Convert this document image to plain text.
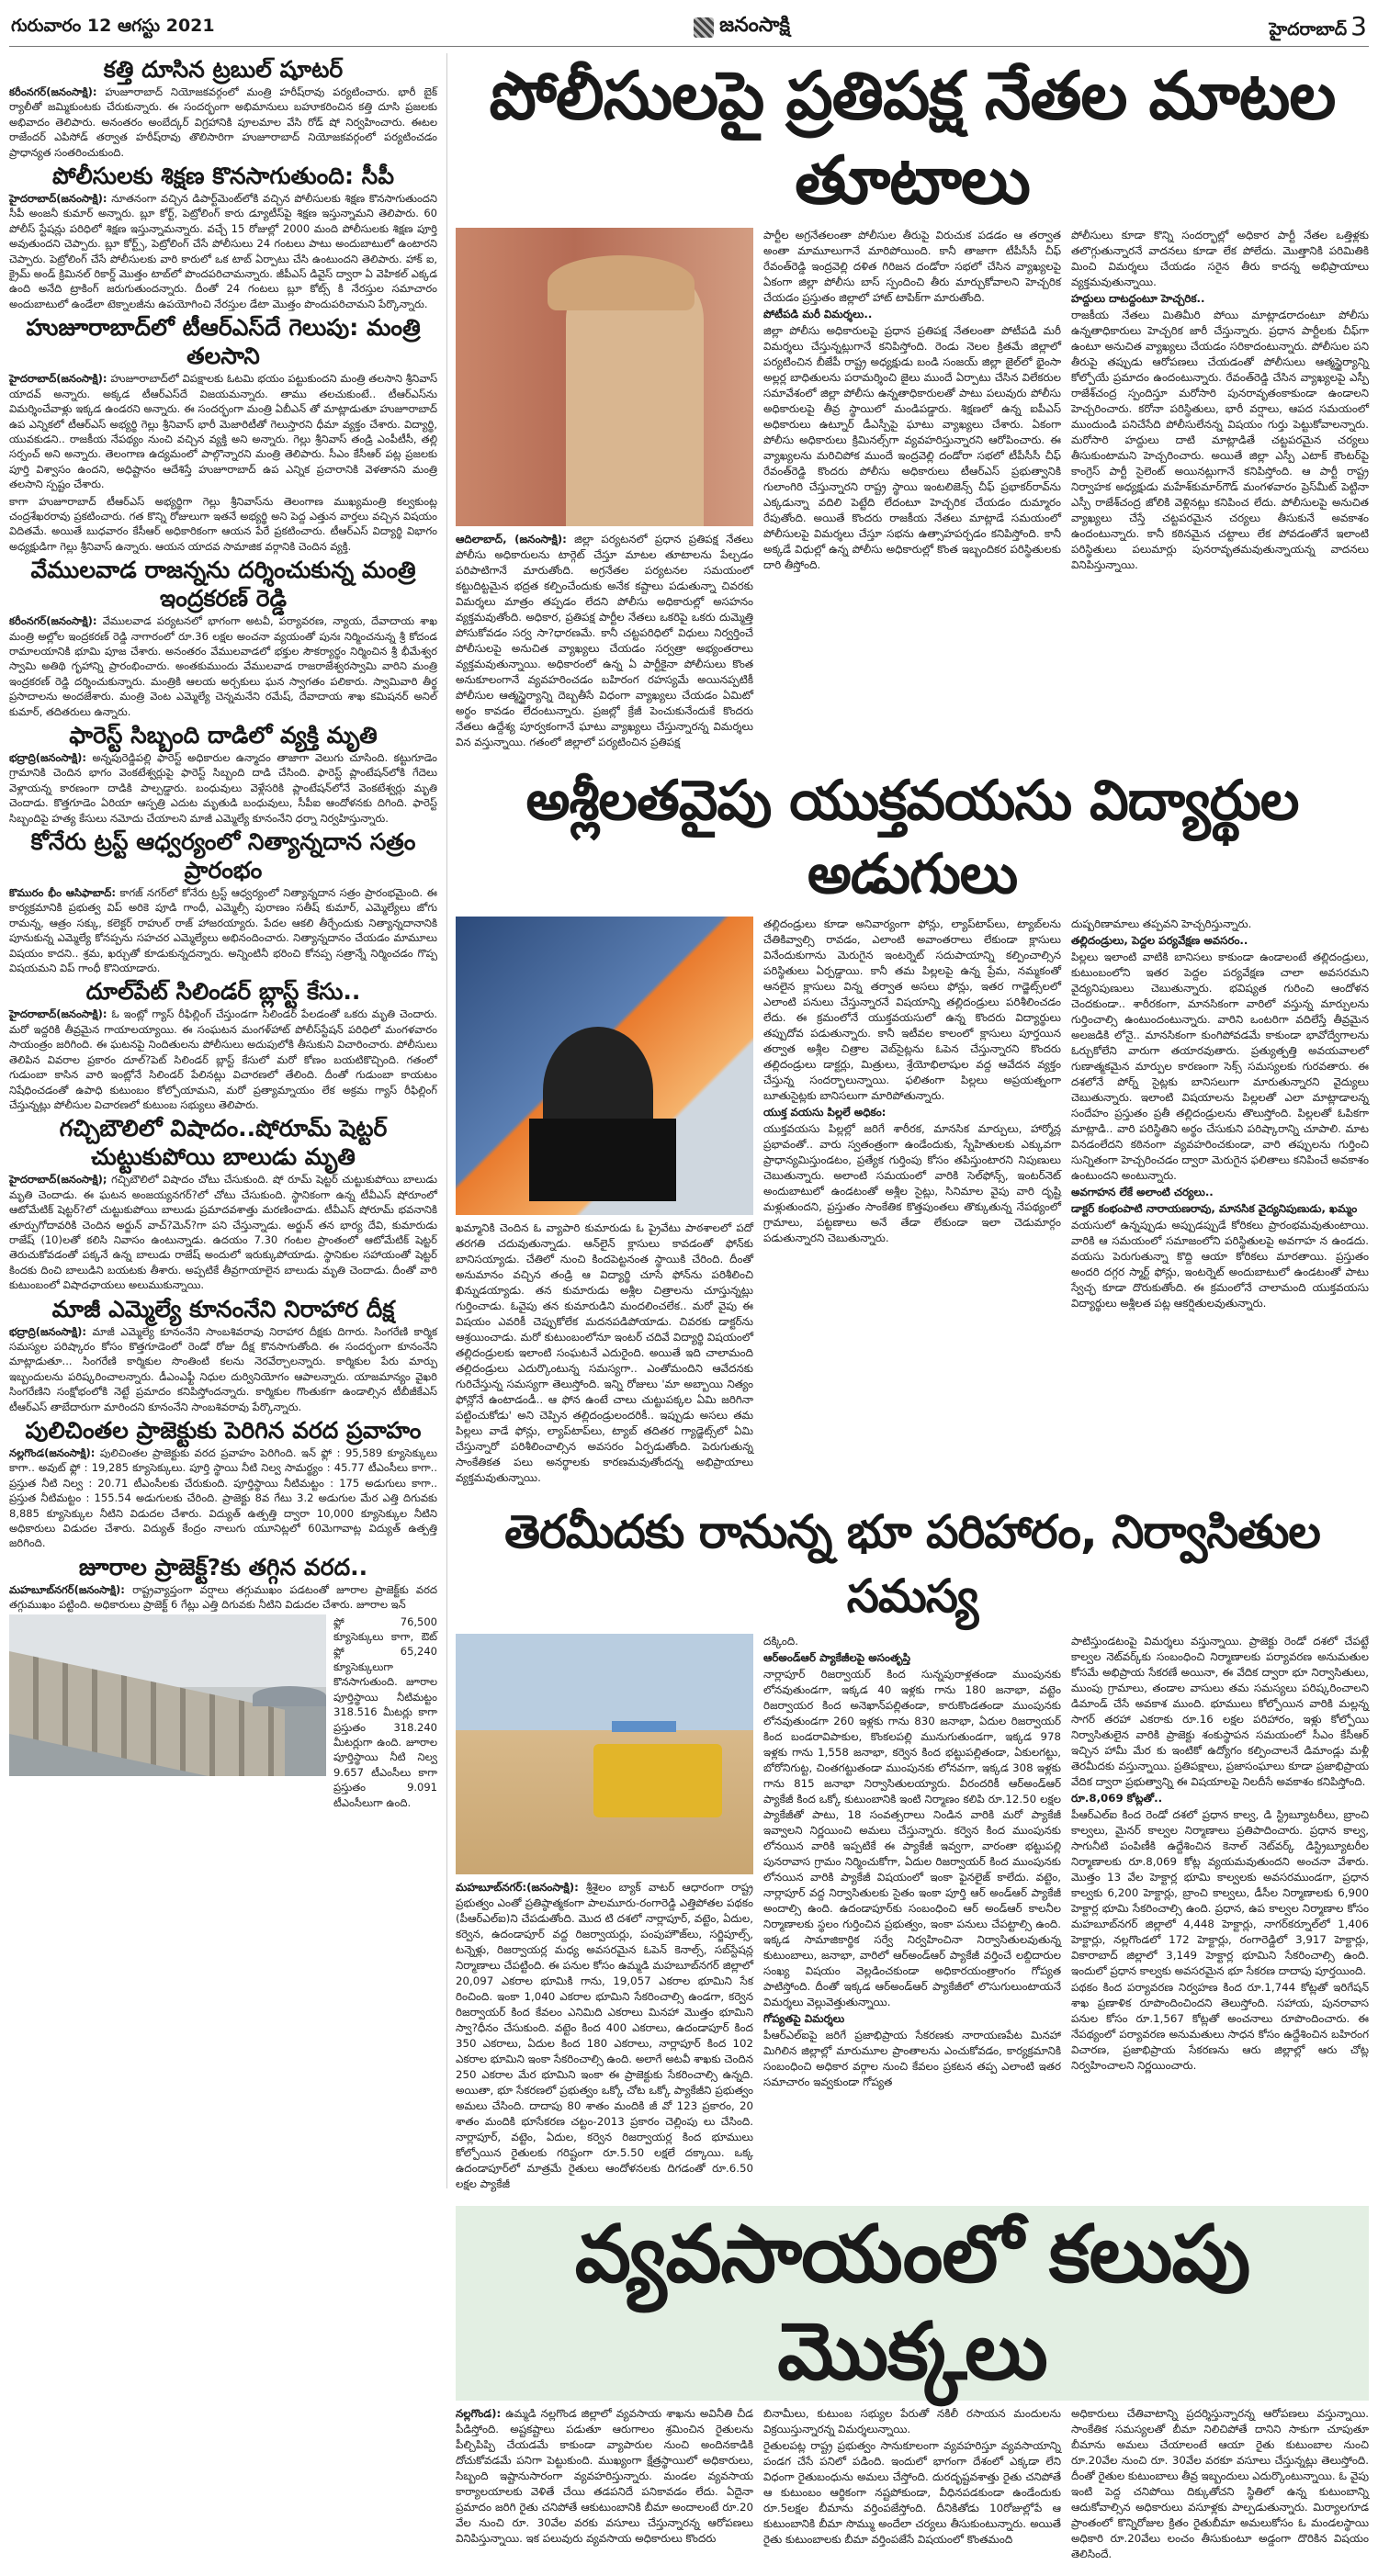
గురువారం 12 ఆగస్టు 2021	జనంసాక్షి	హైదరాబాద్ 3
కత్తి దూసిన ట్రబుల్ షూటర్

కరీంనగర్(జనంసాక్షి): హుజూరాబాద్ నియోజకవర్గంలో మంత్రి హరీష్‌రావు పర్యటించారు. భారీ బైక్ ర్యాలీతో జమ్మికుంటకు చేరుకున్నారు. ఈ సందర్భంగా అభిమానులు బహూకరించిన కత్తి దూసి ప్రజలకు అభివాదం తెలిపారు. అనంతరం అంబేద్కర్ విగ్రహానికి పూలమాల వేసి రోడ్ షో నిర్వహించారు. ఈటల రాజేందర్ ఎపిసోడ్ తర్వాత హరీష్‌రావు తొలిసారిగా హుజూరాబాద్ నియోజకవర్గంలో పర్యటించడం ప్రాధాన్యత సంతరించుకుంది.

పోలీసులకు శిక్షణ కొనసాగుతుంది: సీపీ

హైదరాబాద్(జనంసాక్షి): నూతనంగా వచ్చిన డిపార్ట్‌మెంట్‌లోకి వచ్చిన పోలీసులకు శిక్షణ కొనసాగుతుందని సీపీ అంజనీ కుమార్ అన్నారు. బ్లూ కోర్ట్, పెట్రోలింగ్ కారు డ్యూటీస్‌పై శిక్షణ ఇస్తున్నామని తెలిపారు. 60 పోలీస్ స్టేషన్లు పరిధిలో శిక్షణ ఇస్తున్నామన్నారు. వచ్చే 15 రోజుల్లో 2000 మంది పోలీసులకు శిక్షణ పూర్తి అవుతుందని చెప్పారు. బ్లూ కోర్ట్స్, పెట్రోలింగ్ చేసే పోలీసులు 24 గంటలు పాటు అందుబాటులో ఉంటారని చెప్పారు. పెట్రోలింగ్ చేసే పోలీసులకు వారి కారులో ఒక టాబ్ ఏర్పాటు చేసి ఉంటుందని తెలిపారు. హాక్ ఐ, క్రైమ్ అండ్ క్రిమినల్ రికార్డ్ మొత్తం టాబ్‌లో పొందపరిచామన్నారు. జీపీఎస్ డివైస్ ద్వారా ఏ వెహికల్ ఎక్కడ ఉంది అనేది ట్రాకింగ్ జరుగుతుందన్నారు. దీంతో 24 గంటలు బ్లూ కోట్స్ కి నేరస్తుల సమాచారం అందుబాటులో ఉండేలా టెక్నాలజీను ఉపయోగించి నేరస్తుల డేటా మొత్తం పొందుపరిచామని పేర్కొన్నారు.

హుజూరాబాద్‌లో టీఆర్ఎస్‌దే గెలుపు: మంత్రి తలసాని

హైదరాబాద్(జనంసాక్షి): హుజూరాబాద్‌లో విపక్షాలకు ఓటమి భయం పట్టుకుందని మంత్రి తలసాని శ్రీనివాస్ యాదవ్ అన్నారు. అక్కడ టీఆర్ఎస్‌దే విజయమన్నారు. తాము తలచుకుంటే.. టీఆర్ఎస్‌ను విమర్శించేవాళ్లు ఇక్కడ ఉండరని అన్నారు. ఈ సందర్భంగా మంత్రి ఏబీఎన్ తో మాట్లాడుతూ హుజూరాబాద్ ఉప ఎన్నికలో టీఆర్ఎస్ అభ్యర్థి గెల్లు శ్రీనివాస్ భారీ మెజారిటీతో గెలుస్తారని ధీమా వ్యక్తం చేశారు. విద్యార్థి, యువకుడని.. రాజకీయ నేపథ్యం నుంచి వచ్చిన వ్యక్తి అని అన్నారు. గెల్లు శ్రీనివాస్ తండ్రి ఎంపీటీసీ, తల్లి సర్పంచ్ అని అన్నారు. తెలంగాణ ఉద్యమంలో పాల్గొన్నారని మంత్రి తెలిపారు. సీఎం కేసీఆర్ పట్ల ప్రజలకు పూర్తి విశ్వాసం ఉందని, అధిష్టానం ఆదేశిస్తే హుజూరాబాద్ ఉప ఎన్నిక ప్రచారానికి వెళతానని మంత్రి తలసాని స్పష్టం చేశారు.

కాగా హుజూరాబాద్ టీఆర్ఎస్ అభ్యర్థిగా గెల్లు శ్రీనివాస్‌ను తెలంగాణ ముఖ్యమంత్రి కల్వకుంట్ల చంద్రశేఖరరావు ప్రకటించారు. గత కొన్ని రోజులుగా ఇతనే అభ్యర్థి అని పెద్ద ఎత్తున వార్తలు వచ్చిన విషయం విదితమే. అయితే బుధవారం కేసీఆర్ అధికారికంగా ఆయన పేరే ప్రకటించారు. టీఆర్ఎస్ విద్యార్థి విభాగం అధ్యక్షుడిగా గెల్లు శ్రీనివాస్ ఉన్నారు. ఆయన యాదవ సామాజిక వర్గానికి చెందిన వ్యక్తి.

వేములవాడ రాజన్నను దర్శించుకున్న మంత్రి ఇంద్రకరణ్ రెడ్డి

కరీంనగర్(జనంసాక్షి): వేములవాడ పర్యటనలో భాగంగా అటవీ, పర్యావరణ, న్యాయ, దేవాదాయ శాఖ మంత్రి అల్లోల ఇంద్రకరణ్ రెడ్డి నాగారంలో రూ.36 లక్షల అంచనా వ్యయంతో పునః నిర్మించనున్న శ్రీ కోదండ రామాలయానికి భూమి పూజ చేశారు. అనంతరం వేములవాడలో భక్తుల సౌకర్యార్థం నిర్మించిన శ్రీ భీమేశ్వర స్వామి అతిథి గృహాన్ని ప్రారంభించారు. అంతకుముందు వేములవాడ రాజరాజేశ్వరస్వామి వారిని మంత్రి ఇంద్రకరణ్ రెడ్డి దర్శించుకున్నారు. మంత్రికి ఆలయ అర్చకులు ఘన స్వాగతం పలికారు. స్వామివారి తీర్థ ప్రసాదాలను అందజేశారు. మంత్రి వెంట ఎమ్మెల్యే చెన్నమనేని రమేష్, దేవాదాయ శాఖ కమిషనర్ అనిల్ కుమార్, తదితరులు ఉన్నారు.

ఫారెస్ట్ సిబ్బంది దాడిలో వ్యక్తి మృతి

భద్రాద్రి(జనంసాక్షి): అన్నపురెడ్డిపల్లి ఫారెస్ట్ అధికారుల ఉన్మాదం తాజాగా వెలుగు చూసింది. కట్టుగూడెం గ్రామానికి చెందిన భాగం వెంకటేశ్వర్లుపై ఫారెస్ట్ సిబ్బంది దాడి చేసింది. ఫారెస్ట్ ప్లాంటేషన్‌లోకి గేదెలు వెళ్లాయన్న కారణంగా దాడికి పాల్పడ్డారు. బంధువులు వెళ్లేసరికి ప్లాంటేషన్‌లోనే వెంకటేశ్వర్లు మృతి చెందాడు. కొత్తగూడెం ఏరియా ఆస్పత్రి ఎదుట మృతుడి బంధువులు, సీపీఐ ఆందోళనకు దిగింది. ఫారెస్ట్ సిబ్బందిపై హత్య కేసులు నమోదు చేయాలని మాజీ ఎమ్మెల్యే కూనంనేని ధర్నా నిర్వహిస్తున్నారు.

కోనేరు ట్రస్ట్ ఆధ్వర్యంలో నిత్యాన్నదాన సత్రం ప్రారంభం

కొమురం భీం ఆసిఫాబాద్: కాగజ్ నగర్‌లో కోనేరు ట్రస్ట్ ఆధ్వర్యంలో నిత్యాన్నదాన సత్రం ప్రారంభమైంది. ఈ కార్యక్రమానికి ప్రభుత్వ విప్ అరికె పూడి గాంధీ, ఎమ్మెల్సీ పురాణం సతీష్ కుమార్, ఎమ్మెల్యేలు జోగు రామన్న, ఆత్రం సక్కు, కలెక్టర్ రాహుల్ రాజ్ హాజరయ్యారు. పేదల ఆకలి తీర్చేందుకు నిత్యాన్నదానానికి పూనుకున్న ఎమ్మెల్యే కోనప్పను సహచర ఎమ్మెల్యేలు అభినందించారు. నిత్యాన్నదానం చేయడం మామూలు విషయం కాదని.. శ్రమ, ఖర్చుతో కూడుకున్నదన్నారు. అన్నింటినీ భరించి కోనప్ప సత్రాన్నే నిర్మించడం గొప్ప విషయమని విప్ గాంధీ కొనియాడారు.

దూల్‌పేట్ సిలిండర్ బ్లాస్ట్ కేసు..

హైదరాబాద్(జనంసాక్షి): ఓ ఇంట్లో గ్యాస్ రీఫిల్లింగ్ చేస్తుండగా సిలిండర్ పేలడంతో ఒకరు మృతి చెందారు. మరో ఇద్దరికి తీవ్రమైన గాయాలయ్యాయి. ఈ సంఘటన మంగళ్‌హాట్ పోలీస్‌స్టేషన్ పరిధిలో మంగళవారం సాయంత్రం జరిగింది. ఈ ఘటనపై నిందితులను పోలీసులు అదుపులోకి తీసుకుని విచారించారు. పోలీసులు తెలిపిన వివరాల ప్రకారం దూల్?పెట్ సిలిండర్ బ్లాస్ట్ కేసులో మరో కోణం బయటికొచ్చింది. గతంలో గుడుంబా కాసిన వారి ఇంట్లోనే సిలిండర్ పేలినట్లు విచారణలో తేలింది. దీంతో గుడుంబా కాయటం నిషేధించడంతో ఉపాధి కుటుంబం కోల్పోయామని, మరో ప్రత్యామ్నాయం లేక అక్రమ గ్యాస్ రీఫిల్లింగ్ చేస్తున్నట్లు పోలీసుల విచారణలో కుటుంబ సభ్యులు తెలిపారు.

గచ్చిబౌలిలో విషాదం..షోరూమ్ షెట్టర్ చుట్టుకుపోయి బాలుడు మృతి

హైదరాబాద్(జనంసాక్షి); గచ్చిబౌలిలో విషాదం చోటు చేసుకుంది. షో రూమ్ షెట్టర్ చుట్టుకుపోయి బాలుడు మృతి చెందాడు. ఈ ఘటన అంజయ్యనగర్?లో చోటు చేసుకుంది. స్థానికంగా ఉన్న టీవీఎస్ షోరూంలో ఆటోమేటిక్ షెట్టర్?లో చుట్టుకుపోయి బాలుడు ప్రమాదవశాత్తు మరణించాడు. టీవీఎస్ షోరూమ్ భవనానికి తూర్పుగోదావరికి చెందిన అర్జున్ వాచ్?మెన్?గా పని చేస్తున్నాడు. అర్జున్ తన భార్య దేవి, కుమారుడు రాజేష్ (10)లతో కలిసి నివాసం ఉంటున్నాడు. ఉదయం 7.30 గంటల ప్రాంతంలో ఆటోమేటిక్ షెట్టర్ తెరుచుకోవడంతో పక్కనే ఉన్న బాలుడు రాజేష్ అందులో ఇరుక్కుపోయాడు. స్థానికుల సహాయంతో షెట్టర్ కిందకు దించి బాలుడిని బయటకు తీశారు. అప్పటికే తీవ్రగాయాలైన బాలుడు మృతి చెందాడు. దీంతో వారి కుటుంబంలో విషాదఛాయలు అలుముకున్నాయి.

మాజీ ఎమ్మెల్యే కూనంనేని నిరాహార దీక్ష

భద్రాద్రి(జనంసాక్షి): మాజీ ఎమ్మెల్యే కూనంనేని సాంబశివరావు నిరాహార దీక్షకు దిగారు. సింగరేణి కార్మిక సమస్యల పరిష్కారం కోసం కొత్తగూడెంలో రెండో రోజు దీక్ష కొనసాగుతోంది. ఈ సందర్భంగా కూనంనేని మాట్లాడుతూ... సింగరేణి కార్మికుల సొంతింటి కలను నెరవేర్చాలన్నారు. కార్మికుల పేరు మార్పు ఇబ్బందులను పరిష్కరించాలన్నారు. డీఎంఎఫ్టీ నిధుల దుర్వినియోగం ఆపాలన్నారు. యాజమాన్యం వైఖరి సింగరేణిని సంక్షోభంలోకి నెట్టే ప్రమాదం కనిపిస్తోందన్నారు. కార్మికుల గొంతుకగా ఉండాల్సిన టీబీజీకేఎస్ టీఆర్ఎస్ తాబేదారుగా మారిందని కూనంనేని సాంబశివరావు పేర్కొన్నారు.

పులిచింతల ప్రాజెక్టుకు పెరిగిన వరద ప్రవాహం

నల్లగొండ(జనంసాక్షి): పులిచింతల ప్రాజెక్టుకు వరద ప్రవాహం పెరిగింది. ఇన్ ఫ్లో : 95,589 క్యూసెక్కులు కాగా.. అవుట్ ఫ్లో : 19,285 క్యూసెక్కులు. పూర్తి స్థాయి నీటి నిల్వ సామర్థ్యం : 45.77 టీఎంసీలు కాగా.. ప్రస్తుత నీటి నిల్వ : 20.71 టీఎంసీలకు చేరుకుంది. పూర్తిస్థాయి నీటిమట్టం : 175 అడుగులు కాగా.. ప్రస్తుత నీటిమట్టం : 155.54 అడుగులకు చేరింది. ప్రాజెక్టు 8వ గేటు 3.2 అడుగుల మేర ఎత్తి దిగువకు 8,885 క్యూసెక్కుల నీటిని విడుదల చేశారు. విద్యుత్ ఉత్పత్తి ద్వారా 10,000 క్యూసెక్కుల నీటిని అధికారులు విడుదల చేశారు. విద్యుత్ కేంద్రం నాలుగు యూనిట్లలో 60మెగావాట్ల విద్యుత్ ఉత్పత్తి జరిగింది.

జూరాల ప్రాజెక్ట్?కు తగ్గిన వరద..

మహబూబ్‌నగర్(జనంసాక్షి): రాష్ట్రవ్యాప్తంగా వర్షాలు తగ్గుముఖం పడటంతో జూరాల ప్రాజెక్ట్‌కు వరద తగ్గుముఖం పట్టింది. అధికారులు ప్రాజెక్ట్ 6 గేట్లు ఎత్తి దిగువకు నీటిని విడుదల చేశారు. జూరాల ఇన్

ఫ్లో 76,500 క్యూసెక్కులు కాగా, ఔట్ ఫ్లో 65,240 క్యూసెక్కులుగా కొనసాగుతుంది. జూరాల పూర్తిస్థాయి నీటిమట్టం 318.516 మీటర్లు కాగా ప్రస్తుతం 318.240 మీటర్లుగా ఉంది. జూరాల పూర్తిస్థాయి నీటి నిల్వ 9.657 టీఎంసీలు కాగా ప్రస్తుతం 9.091 టీఎంసీలుగా ఉంది.
పోలీసులపై ప్రతిపక్ష నేతల మాటల తూటాలు

ఆదిలాబాద్, (జనంసాక్షి): జిల్లా పర్యటనలో ప్రధాన ప్రతిపక్ష నేతలు పోలీసు అధికారులను టార్గెట్ చేస్తూ మాటల తూటాలను పేల్చడం పరిపాటిగానే మారుతోంది. అగ్రనేతల పర్యటనల సమయంలో కట్టుదిట్టమైన భద్రత కల్పించేందుకు అనేక కష్టాలు పడుతున్నా చివరకు విమర్శలు మాత్రం తప్పడం లేదని పోలీసు అధికారుల్లో అసహనం వ్యక్తమవుతోంది. అధికార, ప్రతిపక్ష పార్టీల నేతలు ఒకరిపై ఒకరు దుమ్మెత్తి పోసుకోవడం సర్వ సా?ధారణమే. కానీ చట్టపరిధిలో విధులు నిర్వర్తించే పోలీసులపై అనుచిత వ్యాఖ్యలు చేయడం సర్వత్రా అభ్యంతరాలు వ్యక్తమవుతున్నాయి. అధికారంలో ఉన్న ఏ పార్టీకైనా పోలీసులు కొంత అనుకూలంగానే వ్యవహరించడం బహిరంగ రహస్యమే అయినప్పటికీ పోలీసుల ఆత్మస్థైర్యాన్ని దెబ్బతీసే విధంగా వ్యాఖ్యలు చేయడం ఏమిటో అర్థం కావడం లేదంటున్నారు. ప్రజల్లో క్రేజీ పెంచుకునేందుకే కొందరు నేతలు ఉద్దేశ్య పూర్వకంగానే ఘాటు వ్యాఖ్యలు చేస్తున్నారన్న విమర్శలు విన వస్తున్నాయి. గతంలో జిల్లాలో పర్యటించిన ప్రతిపక్ష

పార్టీల అగ్రనేతలంతా పోలీసుల తీరుపై విరుచుక పడడం ఆ తర్వాత అంతా మామూలుగానే మారిపోయింది. కానీ తాజాగా టీపీసీసీ చీఫ్ రేవంత్‌రెడ్డి ఇంద్రవెల్లి దళిత గిరిజన దండోరా సభలో చేసిన వ్యాఖ్యలపై ఏకంగా జిల్లా పోలీసు బాస్ స్పందించి తీరు మార్చుకోవాలని హెచ్చరిక చేయడం ప్రస్తుతం జిల్లాలో హాట్ టాపిక్‌గా మారుతోంది.

పోటీపడి మరీ విమర్శలు..

జిల్లా పోలీసు అధికారులపై ప్రధాన ప్రతిపక్ష నేతలంతా పోటీపడి మరీ విమర్శలు చేస్తున్నట్లుగానే కనిపిస్తోంది. రెండు నెలల క్రితమే జిల్లాలో పర్యటించిన బీజేపీ రాష్ట్ర అధ్యక్షుడు బండి సంజయ్ జిల్లా జైల్‌లో భైంసా అల్లర్ల బాధితులను పరామర్శించి జైలు ముందే ఏర్పాటు చేసిన విలేకరుల సమావేశంలో జిల్లా పోలీసు ఉన్నతాధికారులతో పాటు పలువురు పోలీసు అధికారులపై తీవ్ర స్థాయిలో మండిపడ్డారు. శిక్షణలో ఉన్న ఐపీఎస్ అధికారులు ఉట్నూర్ డీఎస్పీపై ఘాటు వ్యాఖ్యలు చేశారు. ఏకంగా పోలీసు అధికారులు క్రిమినల్స్‌గా వ్యవహరిస్తున్నారని ఆరోపించారు. ఈ వ్యాఖ్యలను మరిచిపోక ముందే ఇంద్రవెల్లి దండోరా సభలో టీపీసీసీ చీఫ్ రేవంత్‌రెడ్డి కొందరు పోలీసు అధికారులు టీఆర్ఎస్ ప్రభుత్వానికి గులాంగిరి చేస్తున్నారని రాష్ట్ర స్థాయి ఇంటలిజెన్స్ చీఫ్ ప్రభాకర్‌రావ్‌ను ఎక్కడున్నా వదిలి పెట్టేది లేదంటూ హెచ్చరిక చేయడం దుమ్మారం రేపుతోంది. అయితే కొందరు రాజకీయ నేతలు మాట్లాడే సమయంలో పోలీసులపై విమర్శలు చేస్తూ సభను ఉత్సాహపర్చడం కనిపిస్తోంది. కానీ అక్కడే విధుల్లో ఉన్న పోలీసు అధికారుల్లో కొంత ఇబ్బందికర పరిస్థితులకు దారి తీస్తోంది.

పోలీసులు కూడా కొన్ని సందర్భాల్లో అధికార పార్టీ నేతల ఒత్తిళ్లకు తలొగ్గుతున్నారనే వాదనలు కూడా లేక పోలేదు. మొత్తానికి పరిమితికి మించి విమర్శలు చేయడం సరైన తీరు కాదన్న అభిప్రాయాలు వ్యక్తమవుతున్నాయి.

హద్దులు దాటద్దంటూ హెచ్చరిక..

రాజకీయ నేతలు మితిమీరి పోయి మాట్లాడరాదంటూ పోలీసు ఉన్నతాధికారులు హెచ్చరిక జారీ చేస్తున్నారు. ప్రధాన పార్టీలకు చీఫ్‌గా ఉంటూ అనుచిత వ్యాఖ్యలు చేయడం సరికాదంటున్నారు. పోలీసుల పని తీరుపై తప్పుడు ఆరోపణలు చేయడంతో పోలీసులు ఆత్మస్థైర్యాన్ని కోల్పోయే ప్రమాదం ఉందంటున్నారు. రేవంత్‌రెడ్డి చేసిన వ్యాఖ్యలపై ఎస్పీ రాజేశ్‌చంద్ర స్పందిస్తూ మరోసారి పునరావృతంకాకుండా ఉండాలని హెచ్చరించారు. కరోనా పరిస్థితులు, భారీ వర్షాలు, ఆపద సమయంలో ముందుండి పనిచేసేది పోలీసులేనన్న విషయం గుర్తు పెట్టుకోవాలన్నారు. మరోసారి హద్దులు దాటి మాట్లాడితే చట్టపరమైన చర్యలు తీసుకుంటామని హెచ్చరించారు. అయితే జిల్లా ఎస్పీ ఎటాక్ కౌంటర్‌పై కాంగ్రెస్ పార్టీ సైలెంట్ అయినట్లుగానే కనిపిస్తోంది. ఆ పార్టీ రాష్ట్ర నిర్వాహక అధ్యక్షుడు మహేశ్‌కుమార్‌గౌడ్ మంగళవారం ప్రెస్‌మీట్ పెట్టినా ఎస్పీ రాజేశ్‌చంద్ర జోలికి వెళ్లినట్లు కనిపించ లేదు. పోలీసులపై అనుచిత వ్యాఖ్యలు చేస్తే చట్టపరమైన చర్యలు తీసుకునే అవకాశం ఉందంటున్నారు. కానీ కఠినమైన చట్టాలు లేక పోవడంతోనే ఇలాంటి పరిస్థితులు పలుమార్లు పునరావృతమవుతున్నాయన్న వాదనలు వినిపిస్తున్నాయి.

అశ్లీలతవైపు యుక్తవయసు విద్యార్థుల అడుగులు

ఖమ్మానికి చెందిన ఓ వ్యాపారి కుమారుడు ఓ ప్రైవేటు పాఠశాలలో పదో తరగతి చదువుతున్నాడు. ఆన్‌లైన్ క్లాసులు కావడంతో ఫోన్‌కు బానిసయ్యాడు. చేతిలో నుంచి కిందపెట్టనంత స్థాయికి చేరింది. దీంతో అనుమానం వచ్చిన తండ్రి ఆ విద్యార్థి చూసే ఫోన్‌ను పరిశీలించి ఖిన్నుడయ్యాడు. తన కుమారుడు అశ్లీల చిత్రాలను చూస్తున్నట్లు గుర్తించాడు. ఓవైపు తన కుమారుడిని మందలించలేక.. మరో వైపు ఈ విషయం ఎవరికీ చెప్పుకోలేక మదనపడిపోయాడు. చివరకు డాక్టర్‌ను ఆశ్రయించాడు. మరో కుటుంబంలోనూ ఇంటర్ చదివే విద్యార్థి విషయంలో తల్లిదండ్రులకు ఇలాంటి సంఘటనే ఎదురైంది. అయితే ఇది చాలామంది తల్లిదండ్రులు ఎదుర్కొంటున్న సమస్యగా.. ఎంతోమందిని ఆవేదనకు గురిచేస్తున్న సమస్యగా తెలుస్తోంది. ఇన్ని రోజులు 'మా అబ్బాయి నిత్యం ఫోన్లోనే ఉంటాడండీ.. ఆ ఫోన ఉంటే చాలు చుట్టుపక్కల ఏమి జరిగినా పట్టించుకోడు' అని చెప్పిన తల్లిదండ్రులందరికీ.. ఇప్పుడు అసలు తమ పిల్లలు వాడే ఫోన్లు, ల్యాప్‌టాప్‌లు, ట్యాబ్ తదితర గ్యాడ్జెట్స్‌లో ఏమి చేస్తున్నారో పరిశీలించాల్సిన అవసరం ఏర్పడుతోంది. పెరుగుతున్న సాంకేతికత పలు అనర్థాలకు కారణమవుతోందన్న అభిప్రాయాలు వ్యక్తమవుతున్నాయి.

తల్లిదండ్రులు కూడా అనివార్యంగా ఫోన్లు, ల్యాప్‌టాప్‌లు, ట్యాబ్‌లను చేతికివ్వాల్సి రావడం, ఎలాంటి అవాంతరాలు లేకుండా క్లాసులు వినేందుకుగాను మెరుగైన ఇంటర్నెట్ సదుపాయాన్ని కల్పించాల్సిన పరిస్థితులు ఏర్పడ్డాయి. కానీ తమ పిల్లలపై ఉన్న ప్రేమ, నమ్మకంతో ఆనలైన క్లాసులు విన్న తర్వాత అసలు ఫోన్లు, ఇతర గాడ్జెట్స్‌లలో ఎలాంటి పనులు చేస్తున్నారనే విషయాన్ని తల్లిదండ్రులు పరిశీలించడం లేదు. ఈ క్రమంలోనే యుక్తవయసులో ఉన్న కొందరు విద్యార్థులు తప్పుదోవ పడుతున్నారు. కానీ ఇటీవల కాలంలో క్లాసులు పూర్తయిన తర్వాత అశ్లీల చిత్రాల వెబ్‌సైట్లను ఓపెన చేస్తున్నారని కొందరు తల్లిదండ్రులు డాక్టర్లు, మిత్రులు, శ్రేయోభిలాషుల వద్ద ఆవేదన వ్యక్తం చేస్తున్న సందర్భాలున్నాయి. ఫలితంగా పిల్లలు అప్రయత్నంగా బూతుసైట్లకు బానిసలుగా మారిపోతున్నారు.

యుక్త వయసు పిల్లలే అధికం:

యుక్తవయసు పిల్లల్లో జరిగే శారీరక, మానసిక మార్పులు, హార్మోన్ల ప్రభావంతో.. వారు స్వతంత్రంగా ఉండేందుకు, స్నేహితులకు ఎక్కువగా ప్రాధాన్యమిస్తుండటం, ప్రత్యేక గుర్తింపు కోసం తపిస్తుంటారని నిపుణులు చెబుతున్నారు. అలాంటి సమయంలో వారికి సెల్‌ఫోన్స్, ఇంటర్‌నెట్ అందుబాటులో ఉండటంతో అశ్లీల సైట్లు, సినిమాల వైపు వారి దృష్టి మళ్లుతుందని, ప్రస్తుతం సాంకేతిక కొత్తపుంతలు తొక్కుతున్న నేపథ్యంలో గ్రామాలు, పట్టణాలు అనే తేడా లేకుండా ఇలా చెడుమార్గం పడుతున్నారని చెబుతున్నారు.

దుష్పరిణామాలు తప్పవని హెచ్చరిస్తున్నారు.

తల్లిదండ్రులు, పెద్దల పర్యవేక్షణ అవసరం..

పిల్లలు ఇలాంటి వాటికి బానిసలు కాకుండా ఉండాలంటే తల్లిదండ్రులు, కుటుంబంలోని ఇతర పెద్దల పర్యవేక్షణ చాలా అవసరమని వైద్యనిపుణులు చెబుతున్నారు. భవిష్యత గురించి ఆందోళన చెందకుండా.. శారీరకంగా, మానసికంగా వారిలో వస్తున్న మార్పులను గుర్తించాల్సి ఉంటుందంటున్నారు. వారిని ఒంటరిగా వదిలేస్తే తీవ్రమైన అలజడికి లోనై.. మానసికంగా కుంగిపోవడమే కాకుండా భావోద్వేగాలను ఓర్చుకోలేని వారుగా తయారవుతారు. ప్రత్యుత్పత్తి అవయవాలలో గుణాత్మకమైన మార్పుల కారణంగా సెక్స్ సమస్యలకు గురవతారు. ఈ దశలోనే పోర్న్ సైట్లకు బానిసలుగా మారుతున్నారని వైద్యులు చెబుతున్నారు. ఇలాంటి విషయాలను పిల్లలతో ఎలా మాట్లాడాలన్న సందేహం ప్రస్తుతం ప్రతీ తల్లిదండ్రులను తొలుస్తోంది. పిల్లలతో ఓపికగా మాట్లాడి.. వారి పరిస్థితిని అర్థం చేసుకుని పరిష్కారాన్ని చూపాలి. మాట వినడంలేదని కఠినంగా వ్యవహరించకుండా, వారి తప్పులను గుర్తించి సున్నితంగా హెచ్చరించడం ద్వారా మెరుగైన ఫలితాలు కనిపించే అవకాశం ఉంటుందని అంటున్నారు.

అవగాహన లేకే అలాంటి చర్యలు..

డాక్టర్ కంభంపాటి నారాయణరావు, మానసిక వైద్యనిపుణుడు, ఖమ్మం

వయసులో ఉన్నప్పుడు అప్పుడప్పుడే కోరికలు ప్రారంభమవుతుంటాయి. వారికి ఆ సమయంలో సమాజంలోని పరిస్థితులపై అవగాహ న ఉండదు. వయసు పెరుగుతున్నా కొద్ది ఆయా కోరికలు మారతాయి. ప్రస్తుతం అందరి దగ్గర స్మార్ట్ ఫోన్లు, ఇంటర్నెట్ అందుబాటులో ఉండటంతో పాటు స్వేచ్ఛ కూడా దొరుకుతోంది. ఈ క్రమంలోనే చాలామంది యుక్తవయసు విద్యార్థులు అశ్లీలత పట్ల ఆకర్షితులవుతున్నారు.

తెరమీదకు రానున్న భూ పరిహారం, నిర్వాసితుల సమస్య

మహబూబ్‌నగర్:(జనంసాక్షి): శ్రీశైలం బ్యాక్ వాటర్ ఆధారంగా రాష్ట్ర ప్రభుత్వం ఎంతో ప్రతిష్ఠాత్మకంగా పాలమూరు-రంగారెడ్డి ఎత్తిపోతల పథకం (పీఆర్ఎల్ఐ)ని చేపడుతోంది. మొద టి దశలో నార్లాపూర్, వట్టెం, ఏదుల, కర్వెన, ఉదండాపూర్ వద్ద రిజర్వాయర్లు, పంపుహౌజ్‌లు, సర్జిపూల్స్, టన్నెళ్లు, రిజర్వాయర్ల మధ్య అవసరమైన ఓపెన్ కెనాల్స్, సబ్‌స్టేషన్ల నిర్మాణాలు చేపట్టింది. ఈ పనుల కోసం ఉమ్మడి మహబూబ్‌నగర్ జిల్లాలో 20,097 ఎకరాల భూమికి గాను, 19,057 ఎకరాల భూమిని సేక రించింది. ఇంకా 1,040 ఎకరాల భూమిని సేకరించాల్సి ఉండగా, కర్వెన రిజర్వాయర్ కింద కేవలం ఎనిమిది ఎకరాలు మినహా మొత్తం భూమిని స్వా?ధీనం చేసుకుంది. వట్టెం కింద 400 ఎకరాలు, ఉదండాపూర్ కింద 350 ఎకరాలు, ఏదుల కింద 180 ఎకరాలు, నార్లాపూర్ కింద 102 ఎకరాల భూమిని ఇంకా సేకరించాల్సి ఉంది. అలాగే అటవీ శాఖకు చెందిన 250 ఎకరాల మేర భూమిని ఇంకా ఈ ప్రాజెక్టుకు సేకరించాల్సి ఉన్నది. అయితా, భూ సేకరణలో ప్రభుత్వం ఒక్కో చోట ఒక్కో ప్యాకేజీని ప్రభుత్వం అమలు చేసింది. దాదాపు 80 శాతం మందికి జీ వో 123 ప్రకారం, 20 శాతం మందికి భూసేకరణ చట్టం-2013 ప్రకారం చెల్లింపు లు చేసింది. నార్లాపూర్, వట్టెం, ఏదుల, కర్వెన రిజర్వాయర్ల కింద భూములు కోల్పోయిన రైతులకు గరిష్టంగా రూ.5.50 లక్షలే దక్కాయి. ఒక్క ఉదండాపూర్‌లో మాత్రమే రైతులు ఆందోళనలకు దిగడంతో రూ.6.50 లక్షల ప్యాకేజీ

దక్కింది.

ఆర్అండ్ఆర్ ప్యాకేజీలపై అసంతృప్తి

నార్లాపూర్ రిజర్వాయర్ కింద సున్నపురాళ్లతండా ముంపునకు లోనవుతుండగా, ఇక్కడ 40 ఇళ్లకు గాను 180 జనాభా, వట్టెం రిజర్వాయర కింద అనెఖాన్‌పల్లితండా, కారుకొండతండా ముంపునకు లోనవుతుండగా 260 ఇళ్లకు గాను 830 జనాభా, ఏదుల రిజర్వాయర్ కింద బండరావిపాకుల, కొంకలపల్లి మునుగుతుండగా, ఇక్కడ 978 ఇళ్లకు గాను 1,558 జనాభా, కర్వెన కింద భట్టుపల్లితండా, ఏకులగట్టు, బోరోనిగుట్ట, చింతగట్టుతండా ముంపునకు లోనవగా, ఇక్కడ 308 ఇళ్లకు గాను 815 జనాభా నిర్వాసితులయ్యారు. వీరందరికీ ఆర్అండ్ఆర్ ప్యాకేజీ కింద ఒక్కో కుటుంబానికి ఇంటి నిర్మాణం కలిపి రూ.12.50 లక్షల ప్యాకేజీతో పాటు, 18 సంవత్సరాలు నిండిన వారికి మరో ప్యాకేజీ ఇవ్వాలని నిర్ణయించి అమలు చేస్తున్నారు. కర్వెన కింద ముంపునకు లోనయిన వారికి ఇప్పటికే ఈ ప్యాకేజీ ఇవ్వగా, వారంతా భట్టుపల్లి పునరావాస గ్రామం నిర్మించుకోగా, ఏదుల రిజర్వాయర్ కింద ముంపునకు లోనయిన వారికి ప్యాకేజీ విషయంలో ఇంకా ఫైనలైజ్ కాలేదు. వట్టెం, నార్లాపూర్ వద్ద నిర్వాసితులకు సైతం ఇంకా పూర్తి ఆర్ అండ్ఆర్ ప్యాకేజీ అందాల్సి ఉంది. ఉదండాపూర్‌కు సంబంధించి ఆర్ అండ్ఆర్ కాలనీల నిర్మాణాలకు స్థలం గుర్తించిన ప్రభుత్వం, ఇంకా పనులు చేపట్టాల్సి ఉంది. ఇక్కడ సామాజికార్థిక సర్వే నిర్వహించినా నిర్వాసితులవుతున్న కుటుంబాలు, జనాభా, వారిలో ఆర్అండ్ఆర్ ప్యాకేజీ వర్తించే లబ్దిదారుల సంఖ్య విషయం వెల్లడించకుండా అధికారయంత్రాంగం గోప్యత పాటిస్తోంది. దీంతో ఇక్కడ ఆర్అండ్ఆర్ ప్యాకేజీలో లొసుగులుంటాయనే విమర్శలు వెల్లువెత్తుతున్నాయి.

గోప్యతపై విమర్శలు

పీఆర్ఎల్ఐపై జరిగే ప్రజాభిప్రాయ సేకరణకు నారాయణపేట మినహా మిగిలిన జిల్లాల్లో మారుమూల ప్రాంతాలను ఎంచుకోవడం, కార్యక్రమానికి సంబంధించి అధికార వర్గాల నుంచి కేవలం ప్రకటన తప్ప ఎలాంటి ఇతర సమాచారం ఇవ్వకుండా గోప్యత

పాటిస్తుండటంపై విమర్శలు వస్తున్నాయి. ప్రాజెక్టు రెండో దశలో చేపట్టే కాల్వల నెట్‌వర్క్‌కు సంబంధించి నిర్మాణాలకు పర్యావరణ అనుమతుల కోసమే అభిప్రాయ సేకరణే అయినా, ఈ వేదిక ద్వారా భూ నిర్వాసితులు, ముంపు గ్రామాలు, తండాల వాసులు తమ సమస్యలు పరిష్కరించాలని డిమాండ్ చేసే అవకాశ ముంది. భూములు కోల్పోయిన వారికి మల్లన్న సాగర్ తరహా ఎకరాకు రూ.16 లక్షల పరిహారం, ఇళ్లు కోల్పోయి నిర్వాసితులైన వారికి ప్రాజెక్టు శంకుస్థాపన సమయంలో సీఎం కేసీఆర్ ఇచ్చిన హామీ మేర కు ఇంటికో ఉద్యోగం కల్పించాలనే డిమాండ్లు మళ్లీ తెరమీదకు వస్తున్నాయి. ప్రతిపక్షాలు, ప్రజాసంఘాలు కూడా ప్రజాభిప్రాయ వేదిక ద్వారా ప్రభుత్వాన్ని ఈ విషయాలపై నిలదీసే అవకాశం కనిపిస్తోంది.

రూ.8,069 కోట్లతో..

పీఆర్ఎల్ఐ కింద రెండో దశలో ప్రధాన కాల్వ, డి స్ట్రిబ్యూటరీలు, బ్రాంచి కాల్వలు, మైనర్ కాల్వల నిర్మాణాలు ప్రతిపాదించారు. ప్రధాన కాల్వ, సాగునీటి పంపిణీకి ఉద్దేశించిన కెనాల్ నెట్‌వర్క్ డిస్ట్రిబ్యూటరీల నిర్మాణాలకు రూ.8,069 కోట్ల వ్యయమవుతుందని అంచనా వేశారు. మొత్తం 13 వేల హెక్టార్ల భూమి కాల్వలకు అవసరముండగా, ప్రధాన కాల్వకు 6,200 హెక్టార్లు, బ్రాంచి కాల్వలు, డీసీల నిర్మాణాలకు 6,900 హెక్టార్ల భూమి సేకరించాల్సి ఉంది. ప్రధాన, ఉప కాల్వల నిర్మాణాల కోసం మహబూబ్‌నగర్ జిల్లాలో 4,448 హెక్టార్లు, నాగర్‌కర్నూల్‌లో 1,406 హెక్టార్లు, నల్లగొండలో 172 హెక్టార్లు, రంగారెడ్డిలో 3,917 హెక్టార్లు, వికారాబాద్ జిల్లాలో 3,149 హెక్టార్ల భూమిని సేకరించాల్సి ఉంది. ఇందులో ప్రధాన కాల్వకు అవసరమైన భూ సేకరణ దాదాపు పూర్తయింది.

పథకం కింద పర్యావరణ నిర్వహణ కింద రూ.1,744 కోట్లతో ఇరిగేషన్ శాఖ ప్రణాళిక రూపొందించిందని తెలుస్తోంది. సహాయ, పునరావాస పనుల కోసం రూ.1,567 కోట్లతో అంచనాలు రూపొందించారు. ఈ నేపథ్యంలో పర్యావరణ అనుమతులు సాధన కోసం ఉద్దేశించిన బహిరంగ విచారణ, ప్రజాభిప్రాయ సేకరణను ఆరు జిల్లాల్లో ఆరు చోట్ల నిర్వహించాలని నిర్ణయించారు.

వ్యవసాయంలో కలుపు మొక్కలు

నల్లగొండ): ఉమ్మడి నల్లగొండ జిల్లాలో వ్యవసాయ శాఖను అవినీతి చీడ పీడిస్తోంది. అష్టకష్టాలు పడుతూ ఆరుగాలం శ్రమించిన రైతులను పీల్చిపిప్పి చేయడమే కాకుండా వ్యాపారుల నుంచి అందినకాడికి దోచుకోవడమే పనిగా పెట్టుకుంది. ముఖ్యంగా క్షేత్రస్థాయిలో అధికారులు, సిబ్బంది ఇష్టానుసారంగా వ్యవహరిస్తున్నారు. మండల వ్యవసాయ కార్యాలయాలకు వెళితే చేయి తడపనిదే పనికావడం లేదు. ఏదైనా ప్రమాదం జరిగి రైతు చనిపోతే ఆకుటుంబానికి బీమా అందాలంటే రూ.20 వేల నుంచి రూ. 30వేల వరకు వసూలు చేస్తున్నారన్న ఆరోపణలు వినిపిస్తున్నాయి. ఇక పలువురు వ్యవసాయ అధికారులు కొందరు

బినామీలు, కుటుంబ సభ్యుల పేరుతో నకిలీ రసాయన మందులను విక్రయిస్తున్నారన్న విమర్శలున్నాయి.

రైతులపట్ల రాష్ట్ర ప్రభుత్వం సానుకూలంగా వ్యవహరిస్తూ వ్యవసాయాన్ని పండగ చేసే పనిలో పడింది. ఇందులో భాగంగా దేశంలో ఎక్కడా లేని విధంగా రైతుబంధును అమలు చేస్తోంది. దురదృష్టవశాత్తు రైతు చనిపోతే ఆ కుటుంబం ఆర్థికంగా నష్టపోకుండా, వీధినపడకుండా ఉండేందుకు రూ.5లక్షల బీమాను వర్తింపజేస్తోంది. దీనికితోడు 10రోజుల్లోపే ఆ కుటుంబానికి బీమా సొమ్ము అందేలా చర్యలు తీసుకుంటున్నారు. అయితే రైతు కుటుంబాలకు బీమా వర్తింపజేసే విషయంలో కొంతమంది

అధికారులు చేతివాటాన్ని ప్రదర్శిస్తున్నారన్న ఆరోపణలు వస్తున్నాయి. సాంకేతిక సమస్యలతో బీమా నిలిచిపోతే దానిని సాకుగా చూపుతూ బీమాను అమలు చేయాలంటే ఆయా రైతు కుటుంబాల నుంచి రూ.20వేల నుంచి రూ. 30వేల వరకూ వసూలు చేస్తున్నట్లు తెలుస్తోంది. దీంతో రైతుల కుటుంబాలు తీవ్ర ఇబ్బందులు ఎదుర్కొంటున్నాయి. ఓ వైపు ఇంటి పెద్ద చనిపోయి దిక్కుతోచని స్థితిలో ఉన్న కుటుంబాన్ని ఆదుకోవాల్సిన అధికారులు వసూళ్లకు పాల్పడుతున్నారు. మిర్యాలగూడ ప్రాంతంలో కొన్నిరోజుల క్రితం రైతుబీమా అమలుకోసం ఓ మండలస్థాయి అధికారి రూ.20వేలు లంచం తీసుకుంటూ అడ్డంగా దొరికిన విషయం తెలిసిందే.
